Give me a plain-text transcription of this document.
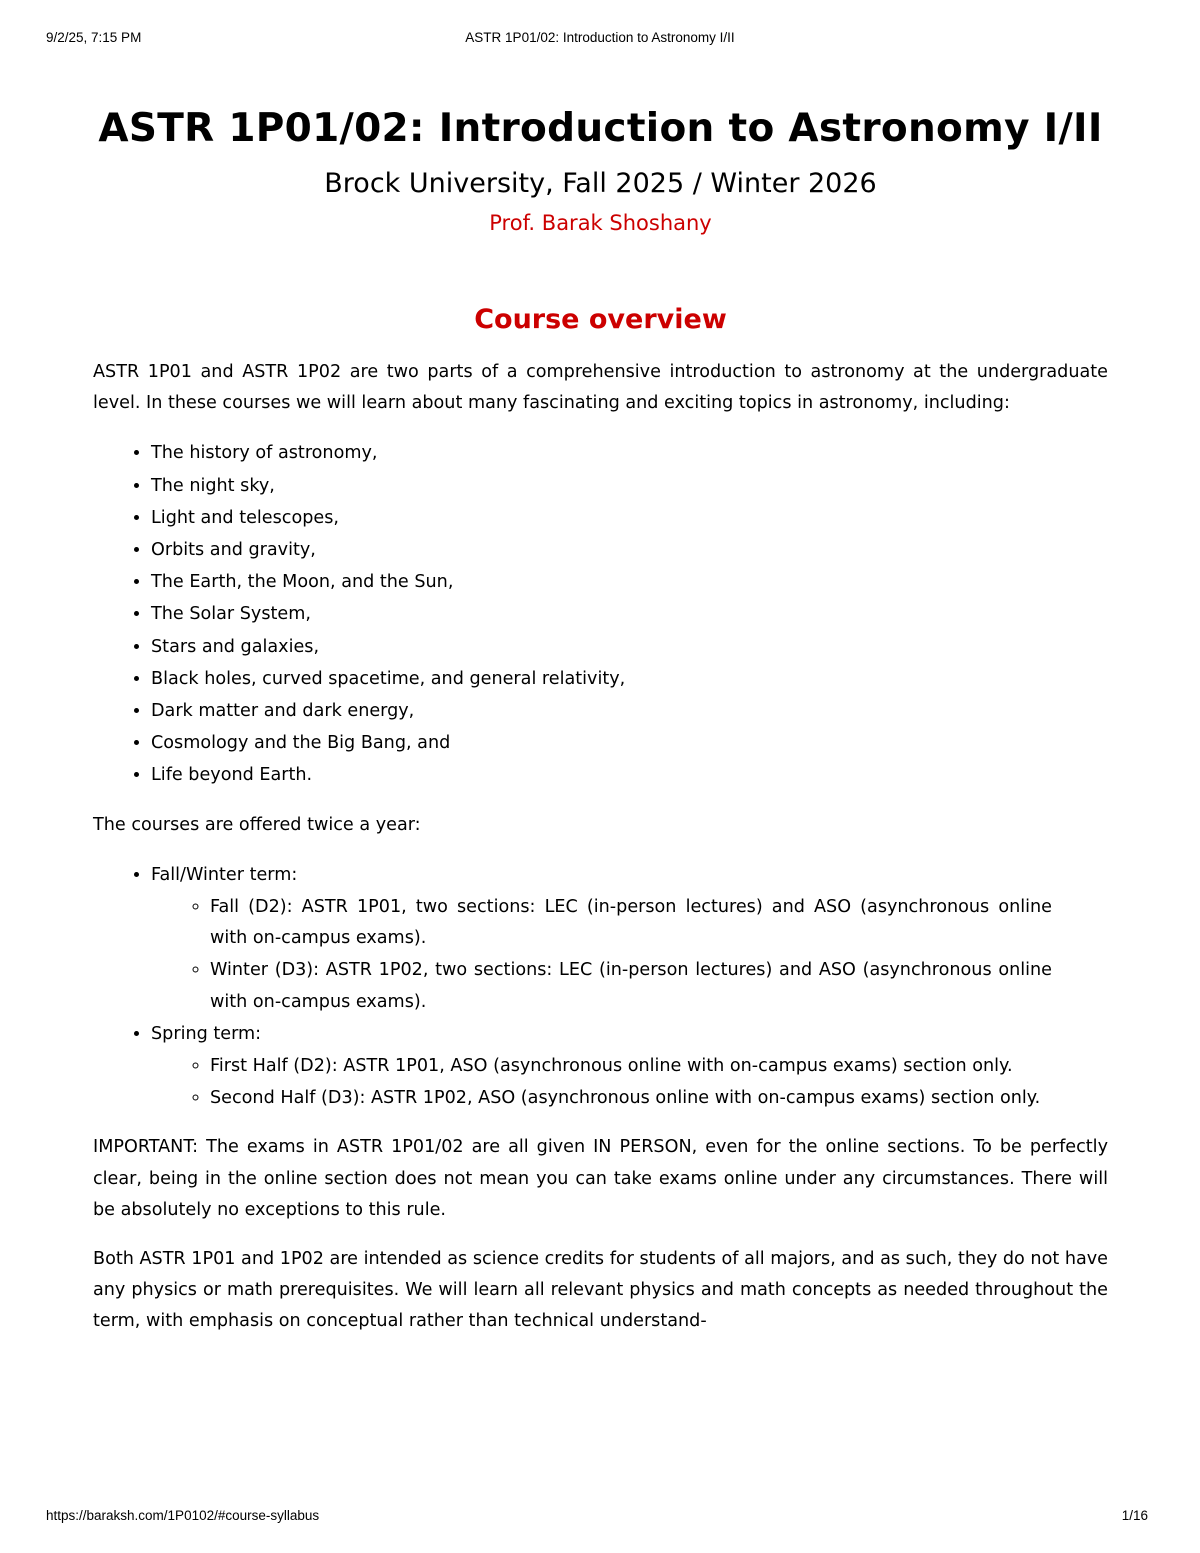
9/2/25, 7:15 PM	ASTR 1P01/02: Introduction to Astronomy I/II
ASTR 1P01/02: Introduction to Astronomy I/II
Brock University, Fall 2025 / Winter 2026
Prof. Barak Shoshany
Course overview

ASTR 1P01 and ASTR 1P02 are two parts of a comprehensive introduction to astronomy at the undergraduate level. In these courses we will learn about many fascinating and exciting topics in astronomy, including:

• The history of astronomy,
• The night sky,
• Light and telescopes,
• Orbits and gravity,
• The Earth, the Moon, and the Sun,
• The Solar System,
• Stars and galaxies,
• Black holes, curved spacetime, and general relativity,
• Dark matter and dark energy,
• Cosmology and the Big Bang, and
• Life beyond Earth.

The courses are offered twice a year:

• Fall/Winter term:
◦ Fall (D2): ASTR 1P01, two sections: LEC (in-person lectures) and ASO (asynchronous online with on-campus exams).
◦ Winter (D3): ASTR 1P02, two sections: LEC (in-person lectures) and ASO (asynchronous online with on-campus exams).
• Spring term:
◦ First Half (D2): ASTR 1P01, ASO (asynchronous online with on-campus exams) section only.
◦ Second Half (D3): ASTR 1P02, ASO (asynchronous online with on-campus exams) section only.

IMPORTANT: The exams in ASTR 1P01/02 are all given IN PERSON, even for the online sections. To be perfectly clear, being in the online section does not mean you can take exams online under any circumstances. There will be absolutely no exceptions to this rule.

Both ASTR 1P01 and 1P02 are intended as science credits for students of all majors, and as such, they do not have any physics or math prerequisites. We will learn all relevant physics and math concepts as needed throughout the term, with emphasis on conceptual rather than technical understand-

https://baraksh.com/1P0102/#course-syllabus	1/16
